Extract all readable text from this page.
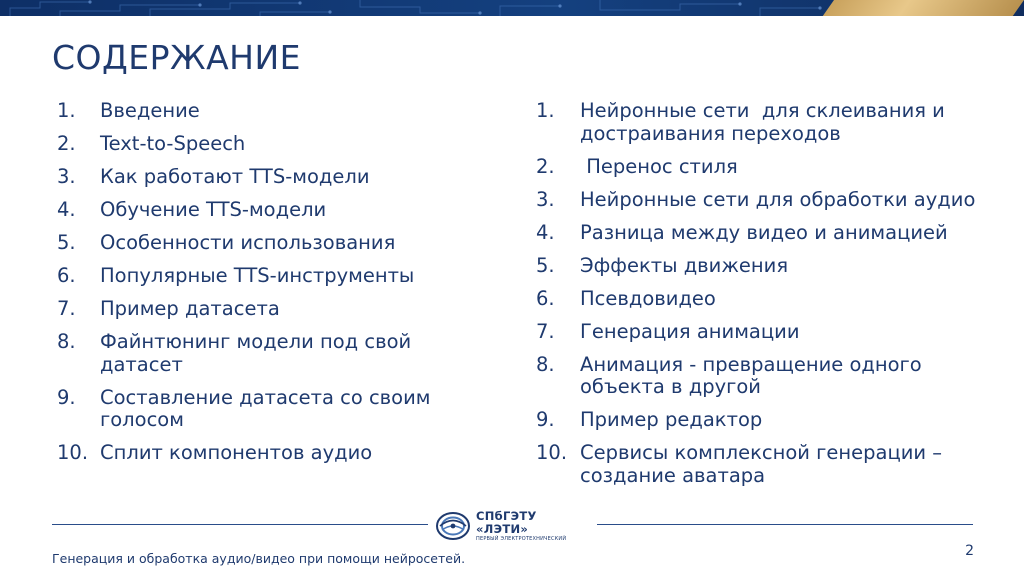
СОДЕРЖАНИЕ
1.	Введение
2.	Text-to-Speech
3.	Как работают TTS-модели
4.	Обучение TTS-модели
5.	Особенности использования
6.	Популярные TTS-инструменты
7.	Пример датасета
8.	Файнтюнинг модели под свой датасет
9.	Составление датасета со своим голосом
10. Сплит компонентов аудио
1.	Нейронные сети  для склеивания и достраивания переходов
2.	Перенос стиля
3.	Нейронные сети для обработки аудио
4.	Разница между видео и анимацией
5.	Эффекты движения
6.	Псевдовидео
7.	Генерация анимации
8.	Анимация - превращение одного объекта в другой
9.	Пример редактор
10. Сервисы комплексной генерации – создание аватара
СПбГЭТУ «ЛЭТИ»
ПЕРВЫЙ ЭЛЕКТРОТЕХНИЧЕСКИЙ
Генерация и обработка аудио/видео при помощи нейросетей.	2
